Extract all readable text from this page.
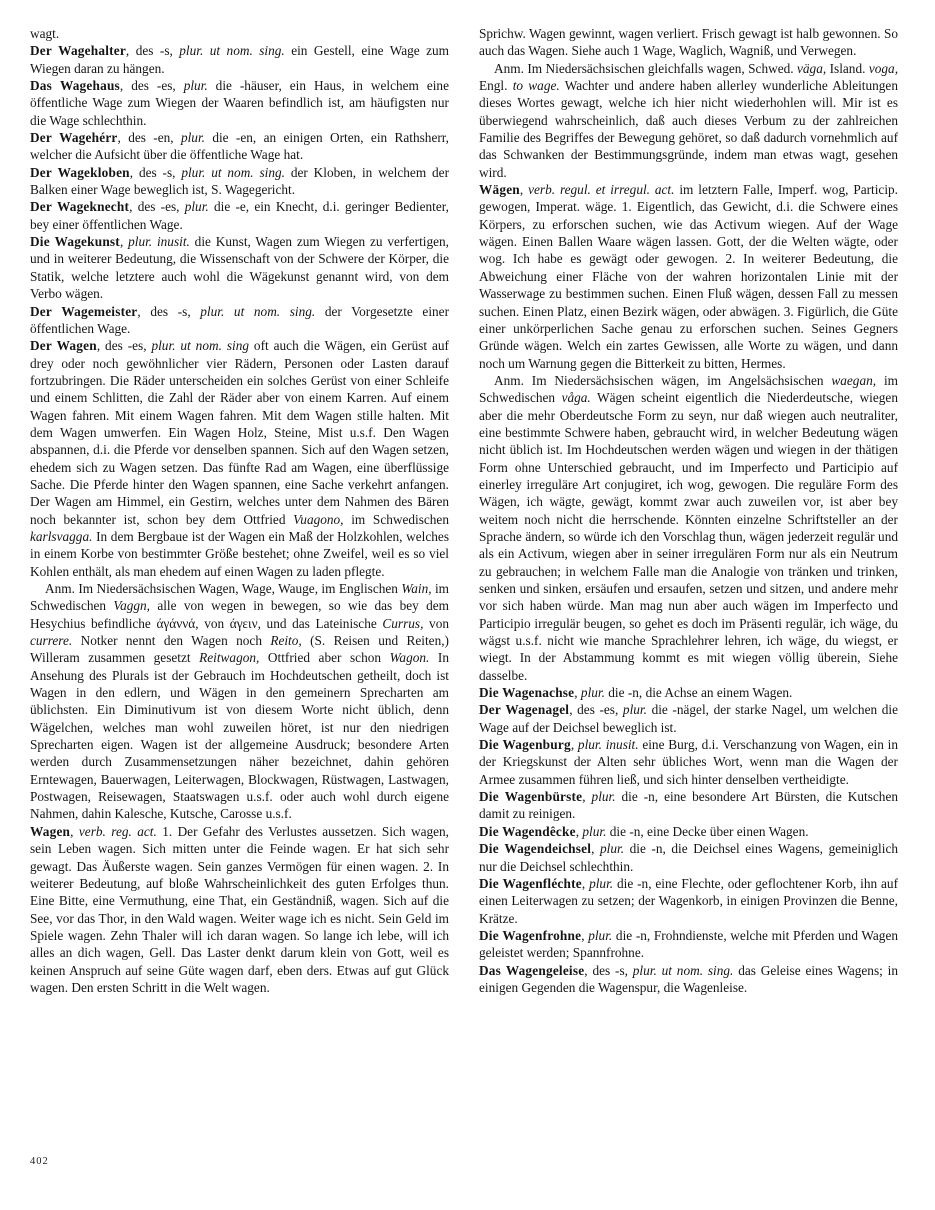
wagt.

Der Wagehalter, des -s, plur. ut nom. sing. ein Gestell, eine Wage zum Wiegen daran zu hängen.

Das Wagehaus, des -es, plur. die -häuser, ein Haus, in welchem eine öffentliche Wage zum Wiegen der Waaren befindlich ist, am häufigsten nur die Wage schlechthin.

Der Wagehérr, des -en, plur. die -en, an einigen Orten, ein Rathsherr, welcher die Aufsicht über die öffentliche Wage hat.

Der Wagekloben, des -s, plur. ut nom. sing. der Kloben, in welchem der Balken einer Wage beweglich ist, S. Wagegericht.

Der Wageknecht, des -es, plur. die -e, ein Knecht, d.i. geringer Bedienter, bey einer öffentlichen Wage.

Die Wagekunst, plur. inusit. die Kunst, Wagen zum Wiegen zu verfertigen, und in weiterer Bedeutung, die Wissenschaft von der Schwere der Körper, die Statik, welche letztere auch wohl die Wägekunst genannt wird, von dem Verbo wägen.

Der Wagemeister, des -s, plur. ut nom. sing. der Vorgesetzte einer öffentlichen Wage.

Der Wagen, des -es, plur. ut nom. sing oft auch die Wägen, ein Gerüst auf drey oder noch gewöhnlicher vier Rädern, Personen oder Lasten darauf fortzubringen. Die Räder unterscheiden ein solches Gerüst von einer Schleife und einem Schlitten, die Zahl der Räder aber von einem Karren. Auf einem Wagen fahren. Mit einem Wagen fahren. Mit dem Wagen stille halten. Mit dem Wagen umwerfen. Ein Wagen Holz, Steine, Mist u.s.f. Den Wagen abspannen, d.i. die Pferde vor denselben spannen. Sich auf den Wagen setzen, ehedem sich zu Wagen setzen. Das fünfte Rad am Wagen, eine überflüssige Sache. Die Pferde hinter den Wagen spannen, eine Sache verkehrt anfangen. Der Wagen am Himmel, ein Gestirn, welches unter dem Nahmen des Bären noch bekannter ist, schon bey dem Ottfried Vuagono, im Schwedischen karlsvagga. In dem Bergbaue ist der Wagen ein Maß der Holzkohlen, welches in einem Korbe von bestimmter Größe bestehet; ohne Zweifel, weil es so viel Kohlen enthält, als man ehedem auf einen Wagen zu laden pflegte.

Anm. Im Niedersächsischen Wagen, Wage, Wauge, im Englischen Wain, im Schwedischen Vaggn, alle von wegen in bewegen, so wie das bey dem Hesychius befindliche άγάννά, von άγειν, und das Lateinische Currus, von currere. Notker nennt den Wagen noch Reito, (S. Reisen und Reiten,) Willeram zusammen gesetzt Reitwagon, Ottfried aber schon Wagon. In Ansehung des Plurals ist der Gebrauch im Hochdeutschen getheilt, doch ist Wagen in den edlern, und Wägen in den gemeinern Sprecharten am üblichsten. Ein Diminutivum ist von diesem Worte nicht üblich, denn Wägelchen, welches man wohl zuweilen höret, ist nur den niedrigen Sprecharten eigen. Wagen ist der allgemeine Ausdruck; besondere Arten werden durch Zusammensetzungen näher bezeichnet, dahin gehören Erntewagen, Bauerwagen, Leiterwagen, Blockwagen, Rüstwagen, Lastwagen, Postwagen, Reisewagen, Staatswagen u.s.f. oder auch wohl durch eigene Nahmen, dahin Kalesche, Kutsche, Carosse u.s.f.

Wagen, verb. reg. act. 1. Der Gefahr des Verlustes aussetzen. Sich wagen, sein Leben wagen. Sich mitten unter die Feinde wagen. Er hat sich sehr gewagt. Das Äußerste wagen. Sein ganzes Vermögen für einen wagen. 2. In weiterer Bedeutung, auf bloße Wahrscheinlichkeit des guten Erfolges thun. Eine Bitte, eine Vermuthung, eine That, ein Geständniß, wagen. Sich auf die See, vor das Thor, in den Wald wagen. Weiter wage ich es nicht. Sein Geld im Spiele wagen. Zehn Thaler will ich daran wagen. So lange ich lebe, will ich alles an dich wagen, Gell. Das Laster denkt darum klein von Gott, weil es keinen Anspruch auf seine Güte wagen darf, eben ders. Etwas auf gut Glück wagen. Den ersten Schritt in die Welt wagen.

Sprichw. Wagen gewinnt, wagen verliert. Frisch gewagt ist halb gewonnen. So auch das Wagen. Siehe auch 1 Wage, Waglich, Wagniß, und Verwegen.

Anm. Im Niedersächsischen gleichfalls wagen, Schwed. väga, Island. voga, Engl. to wage. Wachter und andere haben allerley wunderliche Ableitungen dieses Wortes gewagt, welche ich hier nicht wiederhohlen will. Mir ist es überwiegend wahrscheinlich, daß auch dieses Verbum zu der zahlreichen Familie des Begriffes der Bewegung gehöret, so daß dadurch vornehmlich auf das Schwanken der Bestimmungsgründe, indem man etwas wagt, gesehen wird.

Wägen, verb. regul. et irregul. act. im letztern Falle, Imperf. wog, Particip. gewogen, Imperat. wäge. 1. Eigentlich, das Gewicht, d.i. die Schwere eines Körpers, zu erforschen suchen, wie das Activum wiegen. Auf der Wage wägen. Einen Ballen Waare wägen lassen. Gott, der die Welten wägte, oder wog. Ich habe es gewägt oder gewogen. 2. In weiterer Bedeutung, die Abweichung einer Fläche von der wahren horizontalen Linie mit der Wasserwage zu bestimmen suchen. Einen Fluß wägen, dessen Fall zu messen suchen. Einen Platz, einen Bezirk wägen, oder abwägen. 3. Figürlich, die Güte einer unkörperlichen Sache genau zu erforschen suchen. Seines Gegners Gründe wägen. Welch ein zartes Gewissen, alle Worte zu wägen, und dann noch um Warnung gegen die Bitterkeit zu bitten, Hermes.

Anm. Im Niedersächsischen wägen, im Angelsächsischen waegan, im Schwedischen våga. Wägen scheint eigentlich die Niederdeutsche, wiegen aber die mehr Oberdeutsche Form zu seyn, nur daß wiegen auch neutraliter, eine bestimmte Schwere haben, gebraucht wird, in welcher Bedeutung wägen nicht üblich ist. Im Hochdeutschen werden wägen und wiegen in der thätigen Form ohne Unterschied gebraucht, und im Imperfecto und Participio auf einerley irreguläre Art conjugiret, ich wog, gewogen. Die reguläre Form des Wägen, ich wägte, gewägt, kommt zwar auch zuweilen vor, ist aber bey weitem noch nicht die herrschende. Könnten einzelne Schriftsteller an der Sprache ändern, so würde ich den Vorschlag thun, wägen jederzeit regulär und als ein Activum, wiegen aber in seiner irregulären Form nur als ein Neutrum zu gebrauchen; in welchem Falle man die Analogie von tränken und trinken, senken und sinken, ersäufen und ersaufen, setzen und sitzen, und andere mehr vor sich haben würde. Man mag nun aber auch wägen im Imperfecto und Participio irregulär beugen, so gehet es doch im Präsenti regulär, ich wäge, du wägst u.s.f. nicht wie manche Sprachlehrer lehren, ich wäge, du wiegst, er wiegt. In der Abstammung kommt es mit wiegen völlig überein, Siehe dasselbe.

Die Wagenachse, plur. die -n, die Achse an einem Wagen.

Der Wagenagel, des -es, plur. die -nägel, der starke Nagel, um welchen die Wage auf der Deichsel beweglich ist.

Die Wagenburg, plur. inusit. eine Burg, d.i. Verschanzung von Wagen, ein in der Kriegskunst der Alten sehr übliches Wort, wenn man die Wagen der Armee zusammen führen ließ, und sich hinter denselben vertheidigte.

Die Wagenbürste, plur. die -n, eine besondere Art Bürsten, die Kutschen damit zu reinigen.

Die Wagendêcke, plur. die -n, eine Decke über einen Wagen.

Die Wagendeichsel, plur. die -n, die Deichsel eines Wagens, gemeiniglich nur die Deichsel schlechthin.

Die Wagenfléchte, plur. die -n, eine Flechte, oder geflochtener Korb, ihn auf einen Leiterwagen zu setzen; der Wagenkorb, in einigen Provinzen die Benne, Krätze.

Die Wagenfrohne, plur. die -n, Frohndienste, welche mit Pferden und Wagen geleistet werden; Spannfrohne.

Das Wagengeleise, des -s, plur. ut nom. sing. das Geleise eines Wagens; in einigen Gegenden die Wagenspur, die Wagenleise.

402
